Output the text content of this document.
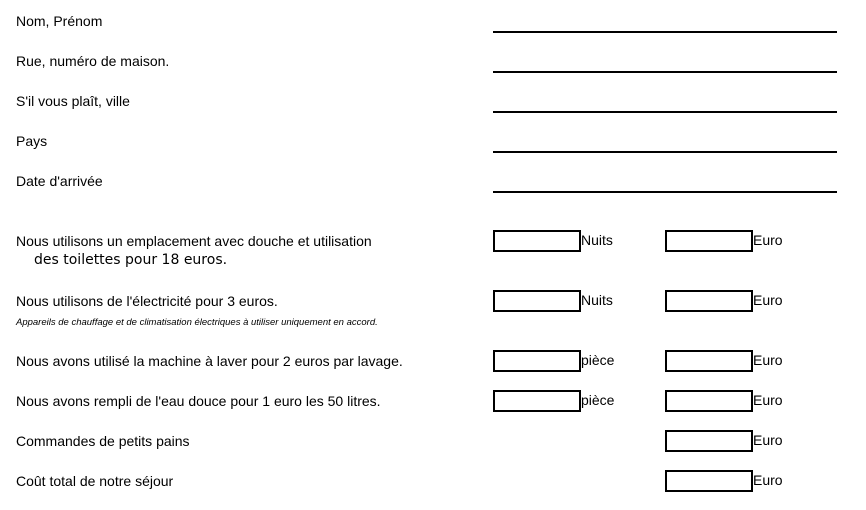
Nom, Prénom
Rue, numéro de maison.
S'il vous plaît, ville
Pays
Date d'arrivée
Nous utilisons un emplacement avec douche et utilisation
des toilettes pour 18 euros.
Nuits	Euro
Nous utilisons de l'électricité pour 3 euros.
Appareils de chauffage et de climatisation électriques à utiliser uniquement en accord.
Nuits	Euro
Nous avons utilisé la machine à laver pour 2 euros par lavage.	pièce	Euro
Nous avons rempli de l'eau douce pour 1 euro les 50 litres.	pièce	Euro
Commandes de petits pains	Euro
Coût total de notre séjour	Euro
